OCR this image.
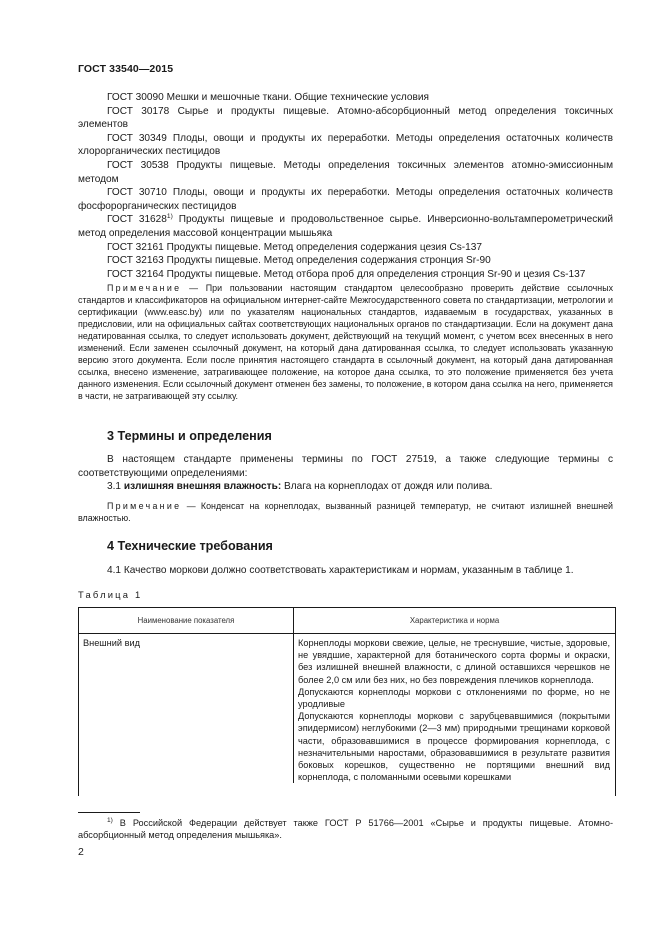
ГОСТ 33540—2015

ГОСТ 30090 Мешки и мешочные ткани. Общие технические условия

ГОСТ 30178 Сырье и продукты пищевые. Атомно-абсорбционный метод определения токсичных элементов

ГОСТ 30349 Плоды, овощи и продукты их переработки. Методы определения остаточных количеств хлорорганических пестицидов

ГОСТ 30538 Продукты пищевые. Методы определения токсичных элементов атомно-эмиссионным методом

ГОСТ 30710 Плоды, овощи и продукты их переработки. Методы определения остаточных количеств фосфорорганических пестицидов

ГОСТ 31628$^{1)}$ Продукты пищевые и продовольственное сырье. Инверсионно-вольтамперометрический метод определения массовой концентрации мышьяка

ГОСТ 32161 Продукты пищевые. Метод определения содержания цезия Cs-137

ГОСТ 32163 Продукты пищевые. Метод определения содержания стронция Sr-90

ГОСТ 32164 Продукты пищевые. Метод отбора проб для определения стронция Sr-90 и цезия Cs-137

Примечание — При пользовании настоящим стандартом целесообразно проверить действие ссылочных стандартов и классификаторов на официальном интернет-сайте Межгосударственного совета по стандартизации, метрологии и сертификации (www.easc.by) или по указателям национальных стандартов, издаваемым в государствах, указанных в предисловии, или на официальных сайтах соответствующих национальных органов по стандартизации. Если на документ дана недатированная ссылка, то следует использовать документ, действующий на текущий момент, с учетом всех внесенных в него изменений. Если заменен ссылочный документ, на который дана датированная ссылка, то следует использовать указанную версию этого документа. Если после принятия настоящего стандарта в ссылочный документ, на который дана датированная ссылка, внесено изменение, затрагивающее положение, на которое дана ссылка, то это положение применяется без учета данного изменения. Если ссылочный документ отменен без замены, то положение, в котором дана ссылка на него, применяется в части, не затрагивающей эту ссылку.

3 Термины и определения

В настоящем стандарте применены термины по ГОСТ 27519, а также следующие термины с соответствующими определениями:

3.1 излишняя внешняя влажность: Влага на корнеплодах от дождя или полива.

Примечание — Конденсат на корнеплодах, вызванный разницей температур, не считают излишней внешней влажностью.

4 Технические требования

4.1 Качество моркови должно соответствовать характеристикам и нормам, указанным в таблице 1.

Таблица 1
Наименование показателя	Характеристика и норма
Внешний вид	Корнеплоды моркови свежие, целые, не треснувшие, чистые, здоровые, не увядшие, характерной для ботанического сорта формы и окраски, без излишней внешней влажности, с длиной оставшихся черешков не более 2,0 см или без них, но без повреждения плечиков корнеплода.

Допускаются корнеплоды моркови с отклонениями по форме, но не уродливые

Допускаются корнеплоды моркови с зарубцевавшимися (покрытыми эпидермисом) неглубокими (2—3 мм) природными трещинами корковой части, образовавшимися в процессе формирования корнеплода, с незначительными наростами, образовавшимися в результате развития боковых корешков, существенно не портящими внешний вид корнеплода, с поломанными осевыми корешками

$^{1)}$ В Российской Федерации действует также ГОСТ Р 51766—2001 «Сырье и продукты пищевые. Атомно-абсорбционный метод определения мышьяка».

2
